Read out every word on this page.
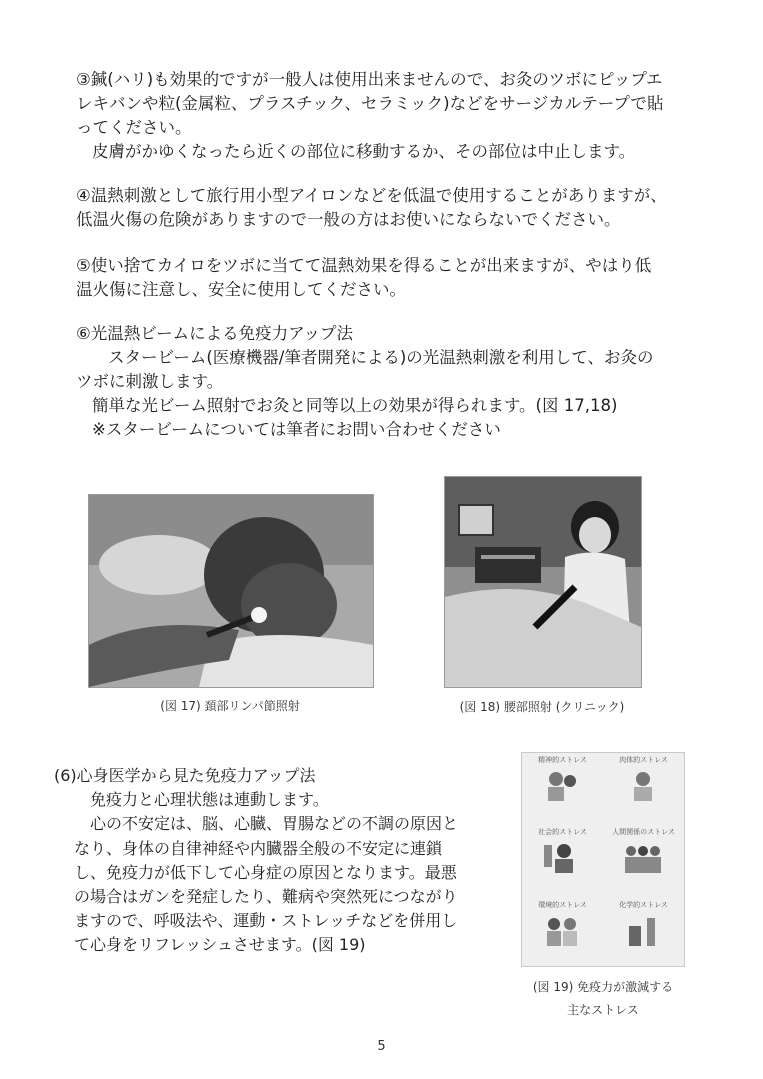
③鍼(ハリ)も効果的ですが一般人は使用出来ませんので、お灸のツボにピップエ

レキバンや粒(金属粒、プラスチック、セラミック)などをサージカルテープで貼

ってください。

皮膚がかゆくなったら近くの部位に移動するか、その部位は中止します。

④温熱刺激として旅行用小型アイロンなどを低温で使用することがありますが、

低温火傷の危険がありますので一般の方はお使いにならないでください。

⑤使い捨てカイロをツボに当てて温熱効果を得ることが出来ますが、やはり低

温火傷に注意し、安全に使用してください。

⑥光温熱ビームによる免疫力アップ法

スタービーム(医療機器/筆者開発による)の光温熱刺激を利用して、お灸の

ツボに刺激します。

簡単な光ビーム照射でお灸と同等以上の効果が得られます。(図 17,18)

※スタービームについては筆者にお問い合わせください

(図 17) 頚部リンパ節照射	(図 18) 腰部照射 (クリニック)

(6)心身医学から見た免疫力アップ法

免疫力と心理状態は連動します。

心の不安定は、脳、心臓、胃腸などの不調の原因と

なり、身体の自律神経や内臓器全般の不安定に連鎖

し、免疫力が低下して心身症の原因となります。最悪

の場合はガンを発症したり、難病や突然死につながり

ますので、呼吸法や、運動・ストレッチなどを併用し

て心身をリフレッシュさせます。(図 19)

精神的ストレス	肉体的ストレス
社会的ストレス	人間関係のストレス
環境的ストレス	化学的ストレス
(図 19) 免疫力が激減する
主なストレス
5
